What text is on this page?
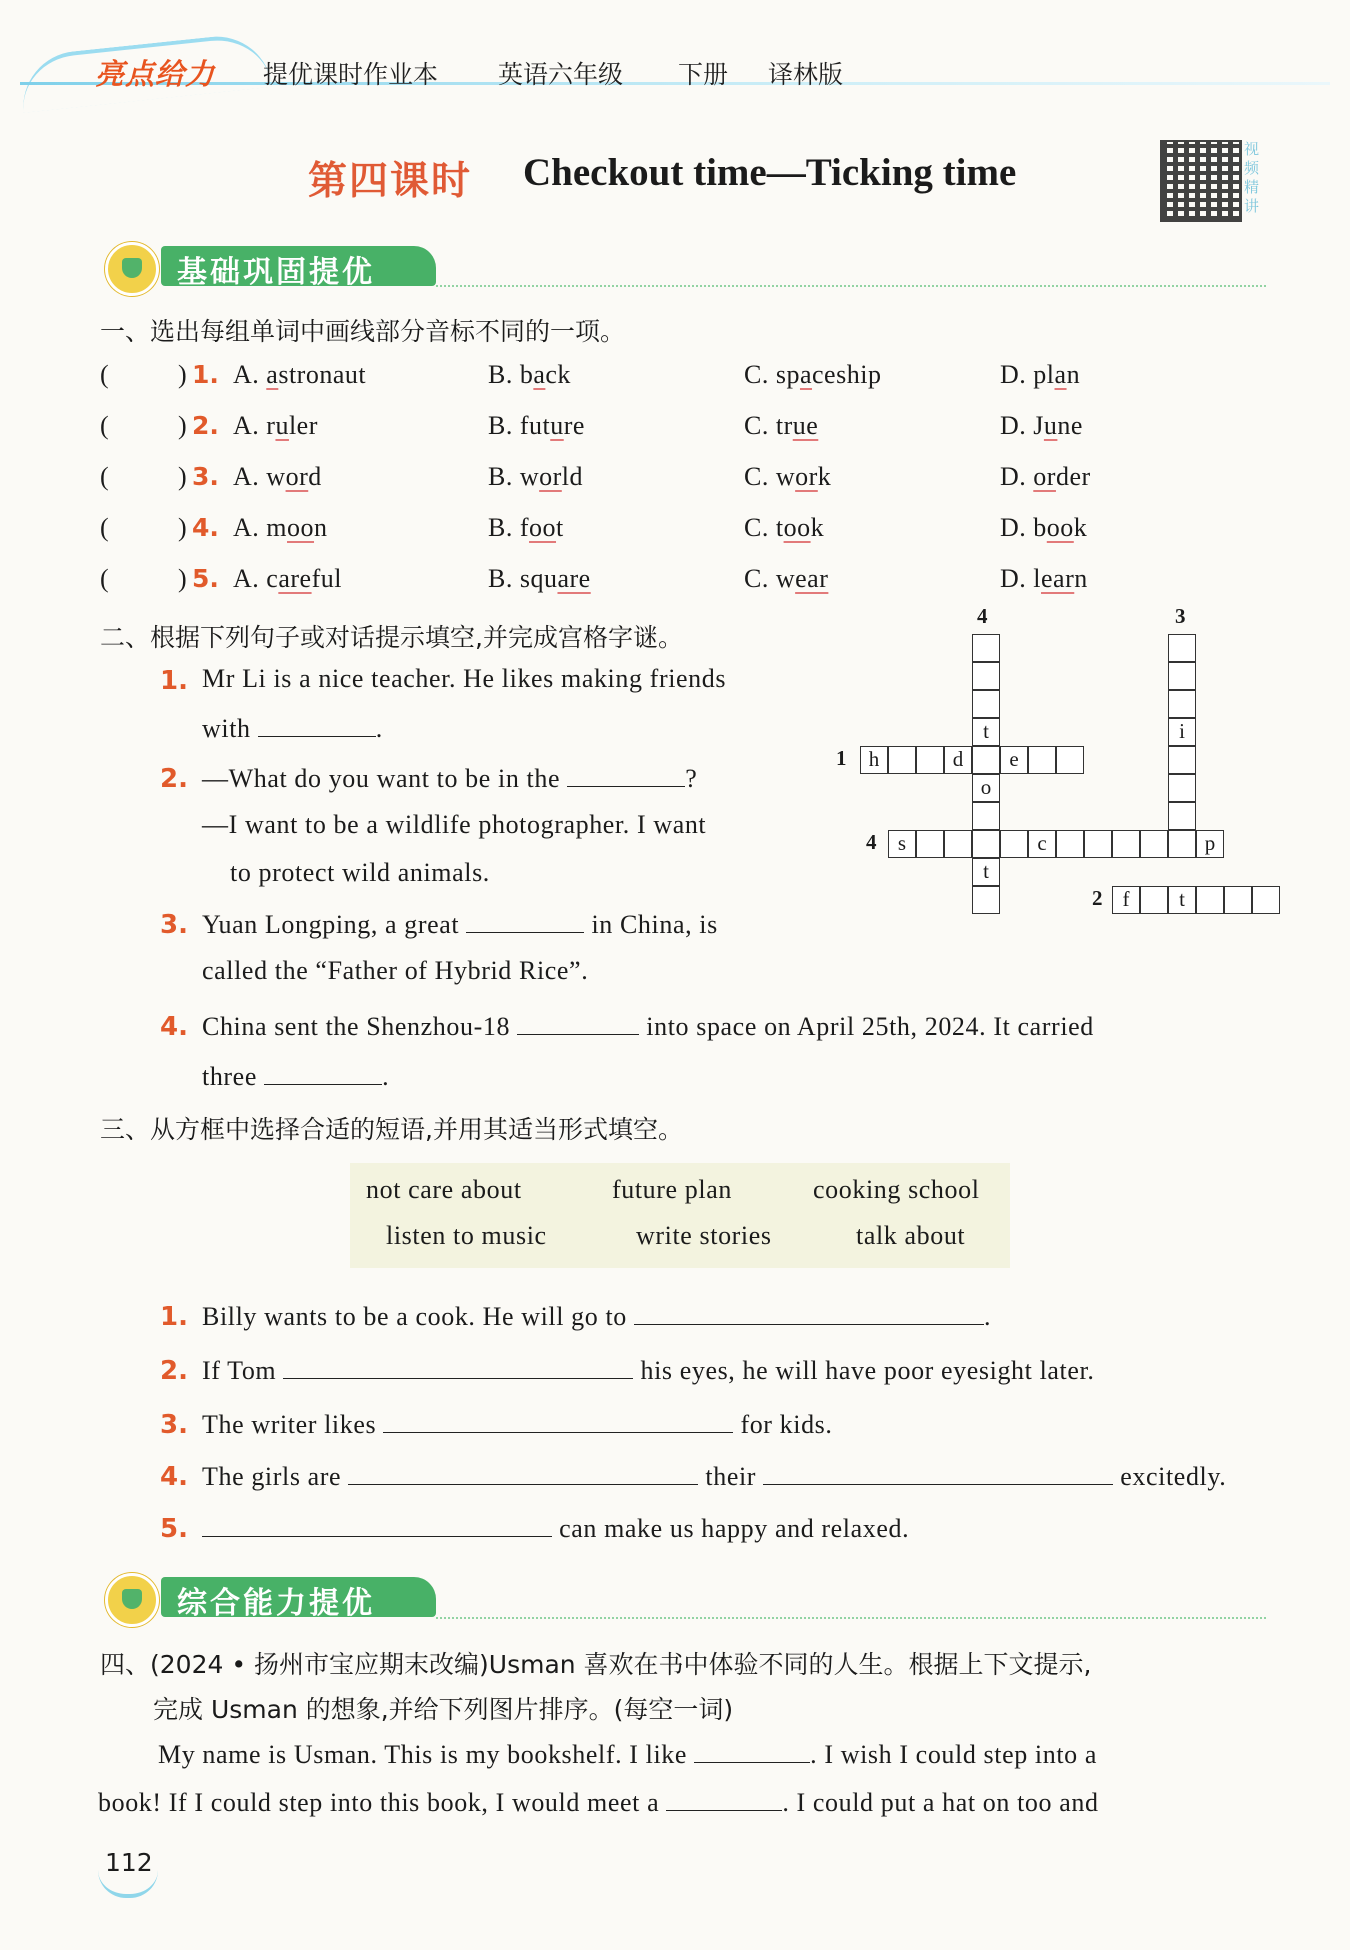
亮点给力 提优课时作业本 英语六年级 下册 译林版
第四课时 Checkout time—Ticking time
视频精讲
基础巩固提优
一、选出每组单词中画线部分音标不同的一项。
(	) 1. A. astronaut	B. back	C. spaceship	D. plan
(	) 2. A. ruler	B. future	C. true	D. June
(	) 3. A. word	B. world	C. work	D. order
(	) 4. A. moon	B. foot	C. took	D. book
(	) 5. A. careful	B. square	C. wear	D. learn
二、根据下列句子或对话提示填空,并完成宫格字谜。
1. Mr Li is a nice teacher. He likes making friends
with	.
2. —What do you want to be in the	?
—I want to be a wildlife photographer. I want
to protect wild animals.
3. Yuan Longping, a great	in China, is
called the “Father of Hybrid Rice”.
4. China sent the Shenzhou-18	into space on April 25th, 2024. It carried
three	.
h	d	e
t
o
t
i
s	c	p
f	t
4	3
1
4
2
三、从方框中选择合适的短语,并用其适当形式填空。
not care about	future plan	cooking school
listen to music	write stories	talk about
1. Billy wants to be a cook. He will go to	.
2. If Tom	his eyes, he will have poor eyesight later.
3. The writer likes	for kids.
4. The girls are	their	excitedly.
5.	can make us happy and relaxed.
综合能力提优
四、(2024 • 扬州市宝应期末改编)Usman 喜欢在书中体验不同的人生。根据上下文提示,
完成 Usman 的想象,并给下列图片排序。(每空一词)
My name is Usman. This is my bookshelf. I like	. I wish I could step into a
book! If I could step into this book, I would meet a	. I could put a hat on too and
112
